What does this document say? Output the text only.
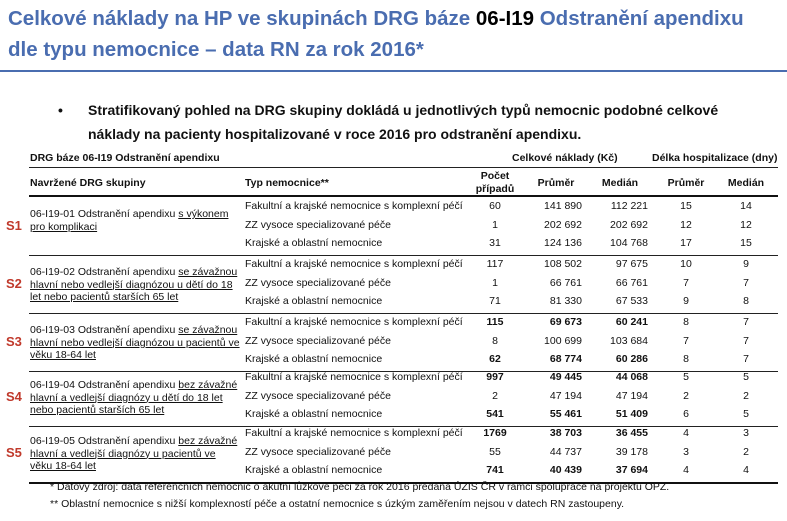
Celkové náklady na HP ve skupinách DRG báze 06-I19 Odstranění apendixu dle typu nemocnice – data RN za rok 2016*
• Stratifikovaný pohled na DRG skupiny dokládá u jednotlivých typů nemocnic podobné celkové náklady na pacienty hospitalizované v roce 2016 pro odstranění apendixu.
DRG báze 06-I19 Odstranění apendixu	Celkové náklady (Kč)	Délka hospitalizace (dny)
Navržené DRG skupiny	Typ nemocnice**
Počet případů	Průměr	Medián	Průměr	Medián
S1
06-I19-01 Odstranění apendixu s výkonem pro komplikaci
Fakultní a krajské nemocnice s komplexní péčí	60	141 890	112 221	15	14
ZZ vysoce specializované péče	1	202 692	202 692	12	12
Krajské a oblastní nemocnice	31	124 136	104 768	17	15
S2
06-I19-02 Odstranění apendixu se závažnou hlavní nebo vedlejší diagnózou u dětí do 18 let nebo pacientů starších 65 let
Fakultní a krajské nemocnice s komplexní péčí	117	108 502	97 675	10	9
ZZ vysoce specializované péče	1	66 761	66 761	7	7
Krajské a oblastní nemocnice	71	81 330	67 533	9	8
S3
06-I19-03 Odstranění apendixu se závažnou hlavní nebo vedlejší diagnózou u pacientů ve věku 18-64 let
Fakultní a krajské nemocnice s komplexní péčí	115	69 673	60 241	8	7
ZZ vysoce specializované péče	8	100 699	103 684	7	7
Krajské a oblastní nemocnice	62	68 774	60 286	8	7
S4
06-I19-04 Odstranění apendixu bez závažné hlavní a vedlejší diagnózy u dětí do 18 let nebo pacientů starších 65 let
Fakultní a krajské nemocnice s komplexní péčí	997	49 445	44 068	5	5
ZZ vysoce specializované péče	2	47 194	47 194	2	2
Krajské a oblastní nemocnice	541	55 461	51 409	6	5
S5
06-I19-05 Odstranění apendixu bez závažné hlavní a vedlejší diagnózy u pacientů ve věku 18-64 let
Fakultní a krajské nemocnice s komplexní péčí	1769	38 703	36 455	4	3
ZZ vysoce specializované péče	55	44 737	39 178	3	2
Krajské a oblastní nemocnice	741	40 439	37 694	4	4
* Datový zdroj: data referenčních nemocnic o akutní lůžkové péči za rok 2016 předaná ÚZIS ČR v rámci spolupráce na projektu OPZ.
** Oblastní nemocnice s nižší komplexností péče a ostatní nemocnice s úzkým zaměřením nejsou v datech RN zastoupeny.
